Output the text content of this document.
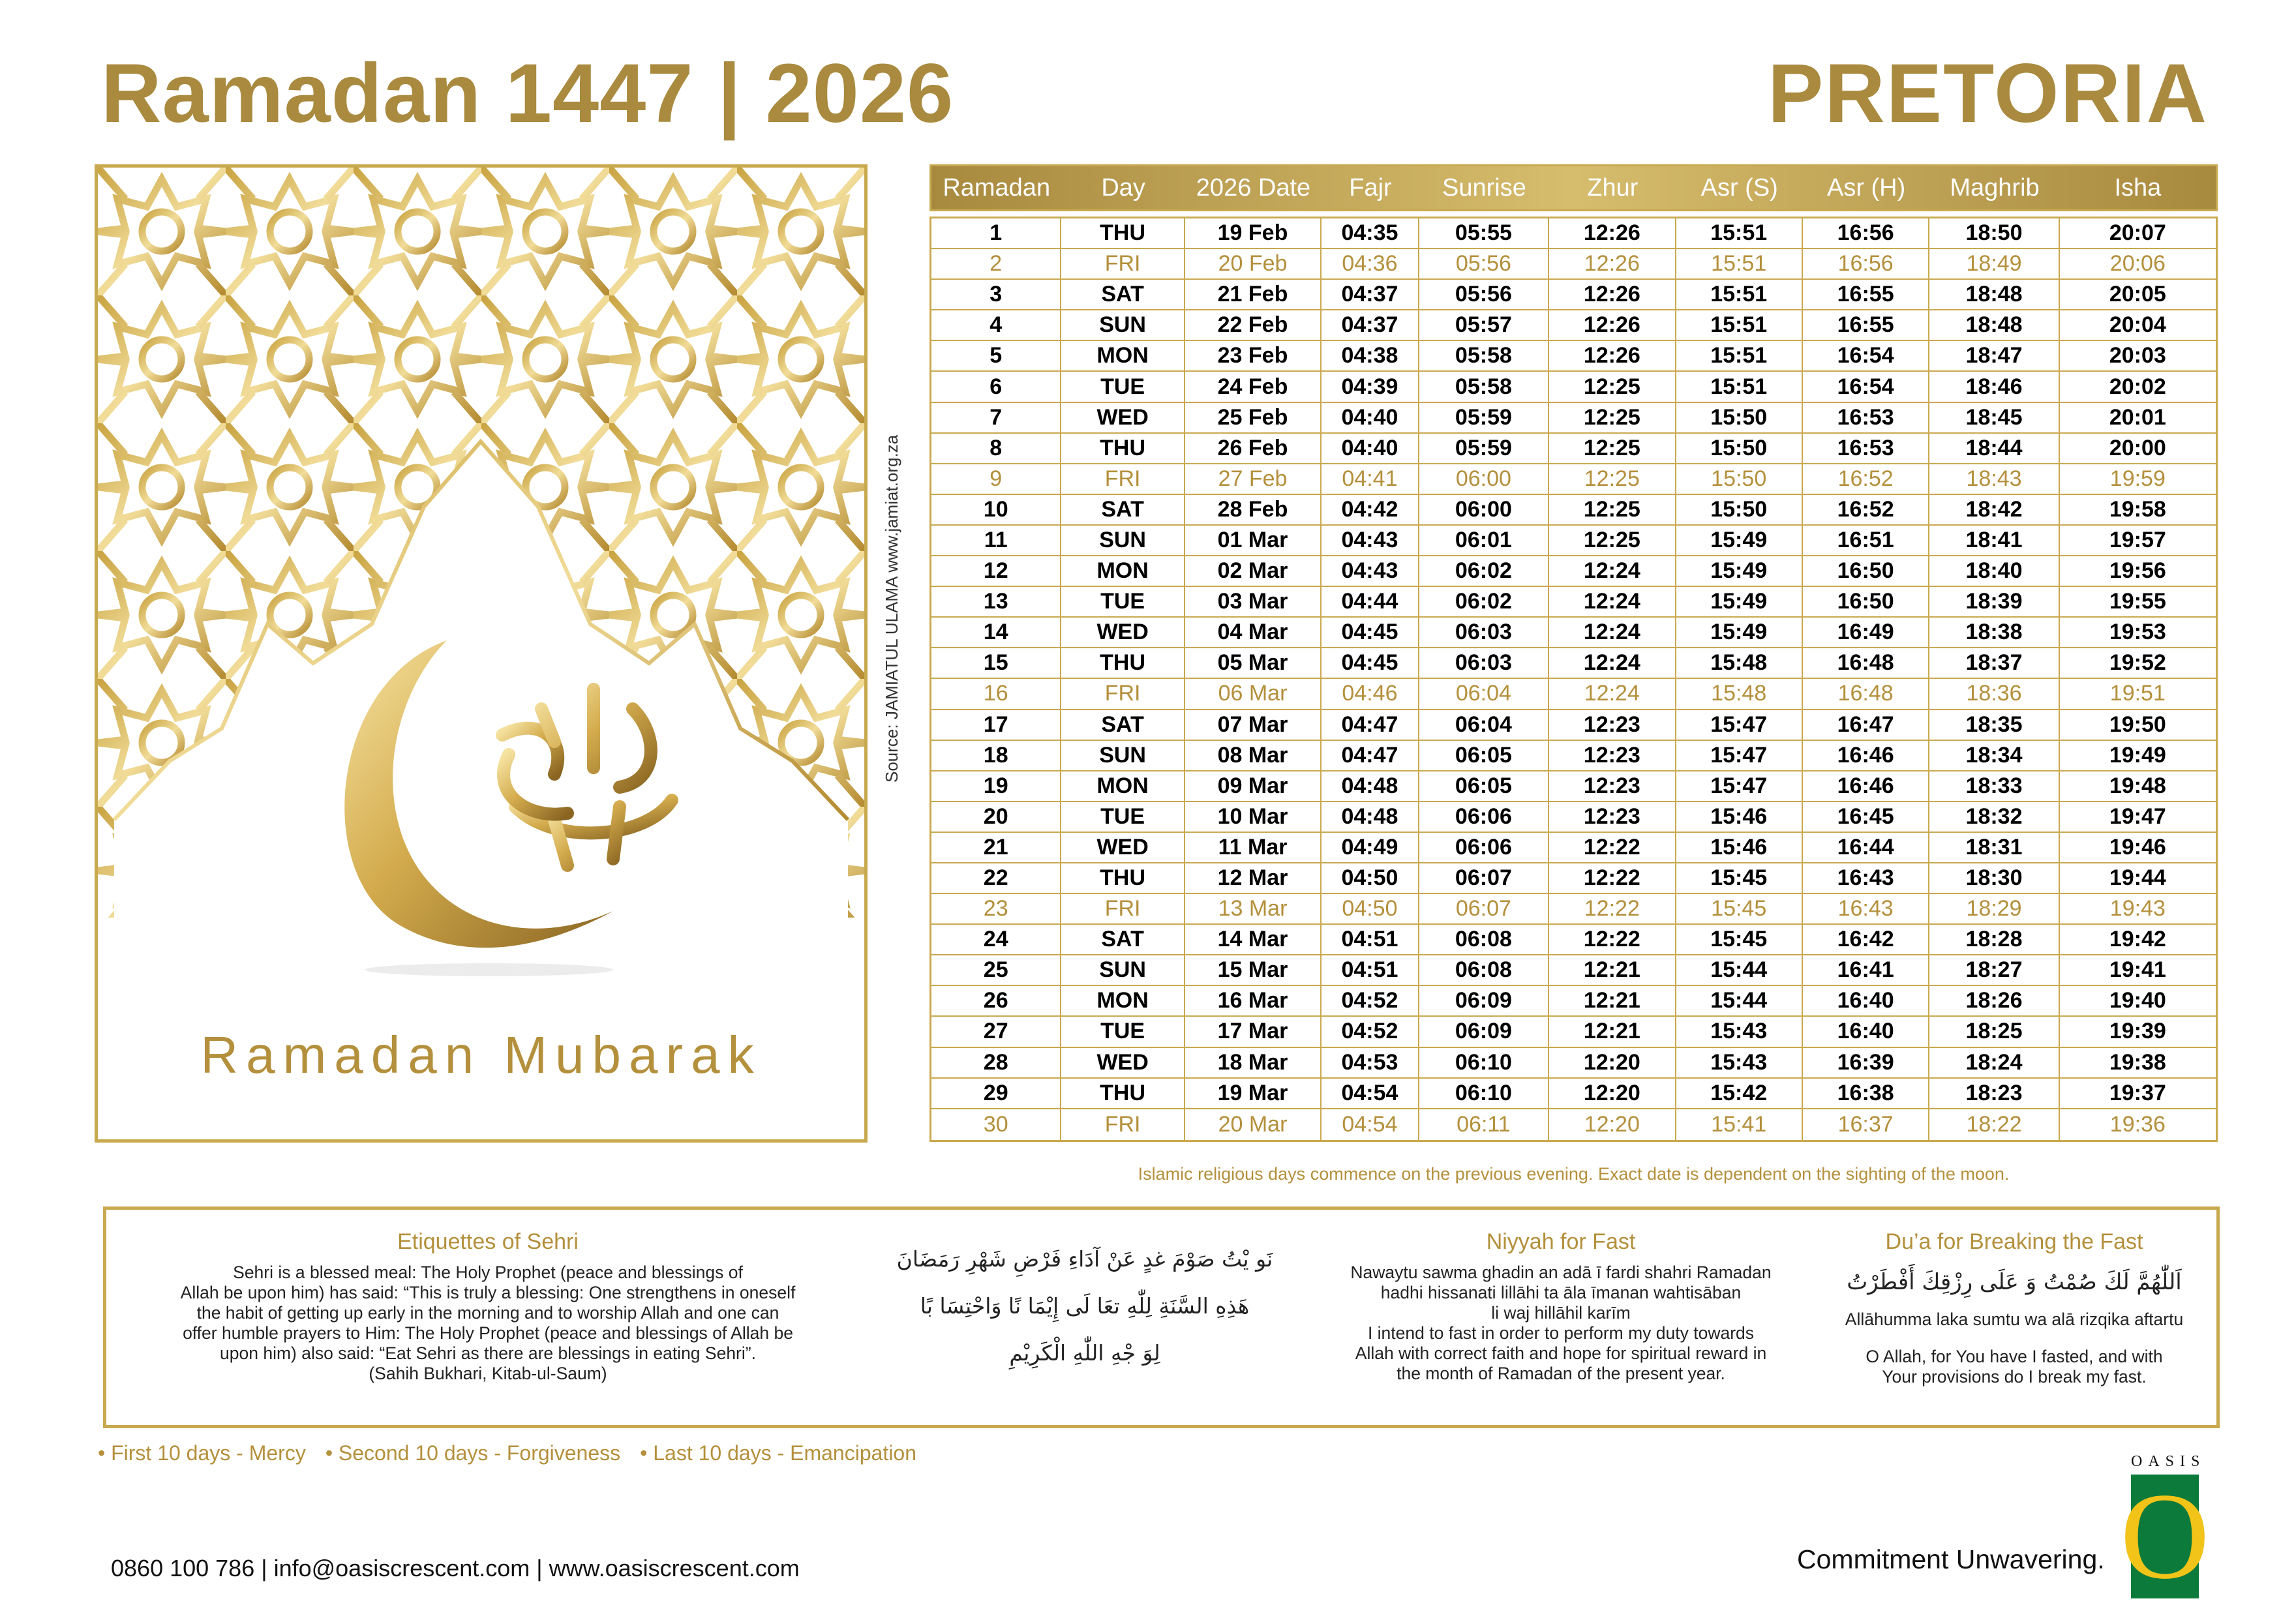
Ramadan 1447 | 2026	PRETORIA
Ramadan Mubarak
Source: JAMIATUL ULAMA www.jamiat.org.za
Ramadan	Day	2026 Date	Fajr	Sunrise	Zhur	Asr (S)	Asr (H)	Maghrib	Isha
1	THU	19 Feb	04:35	05:55	12:26	15:51	16:56	18:50	20:07
2	FRI	20 Feb	04:36	05:56	12:26	15:51	16:56	18:49	20:06
3	SAT	21 Feb	04:37	05:56	12:26	15:51	16:55	18:48	20:05
4	SUN	22 Feb	04:37	05:57	12:26	15:51	16:55	18:48	20:04
5	MON	23 Feb	04:38	05:58	12:26	15:51	16:54	18:47	20:03
6	TUE	24 Feb	04:39	05:58	12:25	15:51	16:54	18:46	20:02
7	WED	25 Feb	04:40	05:59	12:25	15:50	16:53	18:45	20:01
8	THU	26 Feb	04:40	05:59	12:25	15:50	16:53	18:44	20:00
9	FRI	27 Feb	04:41	06:00	12:25	15:50	16:52	18:43	19:59
10	SAT	28 Feb	04:42	06:00	12:25	15:50	16:52	18:42	19:58
11	SUN	01 Mar	04:43	06:01	12:25	15:49	16:51	18:41	19:57
12	MON	02 Mar	04:43	06:02	12:24	15:49	16:50	18:40	19:56
13	TUE	03 Mar	04:44	06:02	12:24	15:49	16:50	18:39	19:55
14	WED	04 Mar	04:45	06:03	12:24	15:49	16:49	18:38	19:53
15	THU	05 Mar	04:45	06:03	12:24	15:48	16:48	18:37	19:52
16	FRI	06 Mar	04:46	06:04	12:24	15:48	16:48	18:36	19:51
17	SAT	07 Mar	04:47	06:04	12:23	15:47	16:47	18:35	19:50
18	SUN	08 Mar	04:47	06:05	12:23	15:47	16:46	18:34	19:49
19	MON	09 Mar	04:48	06:05	12:23	15:47	16:46	18:33	19:48
20	TUE	10 Mar	04:48	06:06	12:23	15:46	16:45	18:32	19:47
21	WED	11 Mar	04:49	06:06	12:22	15:46	16:44	18:31	19:46
22	THU	12 Mar	04:50	06:07	12:22	15:45	16:43	18:30	19:44
23	FRI	13 Mar	04:50	06:07	12:22	15:45	16:43	18:29	19:43
24	SAT	14 Mar	04:51	06:08	12:22	15:45	16:42	18:28	19:42
25	SUN	15 Mar	04:51	06:08	12:21	15:44	16:41	18:27	19:41
26	MON	16 Mar	04:52	06:09	12:21	15:44	16:40	18:26	19:40
27	TUE	17 Mar	04:52	06:09	12:21	15:43	16:40	18:25	19:39
28	WED	18 Mar	04:53	06:10	12:20	15:43	16:39	18:24	19:38
29	THU	19 Mar	04:54	06:10	12:20	15:42	16:38	18:23	19:37
30	FRI	20 Mar	04:54	06:11	12:20	15:41	16:37	18:22	19:36
Islamic religious days commence on the previous evening. Exact date is dependent on the sighting of the moon.
Etiquettes of Sehri

Sehri is a blessed meal: The Holy Prophet (peace and blessings of
Allah be upon him) has said: “This is truly a blessing: One strengthens in oneself
the habit of getting up early in the morning and to worship Allah and one can
offer humble prayers to Him: The Holy Prophet (peace and blessings of Allah be
upon him) also said: “Eat Sehri as there are blessings in eating Sehri”.
(Sahih Bukhari, Kitab-ul-Saum)

نَو يْتُ صَوْمَ غدٍ عَنْ آدَاءِ فَرْضِ شَهْرِ رَمَضَانَ
هَذِهِ السَّنَةِ لِلّٰهِ تعَا لَى إِيْمَا نًا وَاحْتِسَا بًا
لِوَ جْهِ اللّٰهِ الْكَرِيْمِ
Niyyah for Fast

Nawaytu sawma ghadin an adā ī fardi shahri Ramadan
hadhi hissanati lillāhi ta āla īmanan wahtisāban
li waj hillāhil karīm
I intend to fast in order to perform my duty towards
Allah with correct faith and hope for spiritual reward in
the month of Ramadan of the present year.

Du’a for Breaking the Fast
اَللّٰهُمَّ لَكَ صُمْتُ وَ عَلَى رِزْقِكَ أَفْطَرْتُ

Allāhumma laka sumtu wa alā rizqika aftartu

O Allah, for You have I fasted, and with
Your provisions do I break my fast.

• First 10 days - Mercy • Second 10 days - Forgiveness • Last 10 days - Emancipation
0860 100 786 | info@oasiscrescent.com | www.oasiscrescent.com	Commitment Unwavering.
OASIS
O
